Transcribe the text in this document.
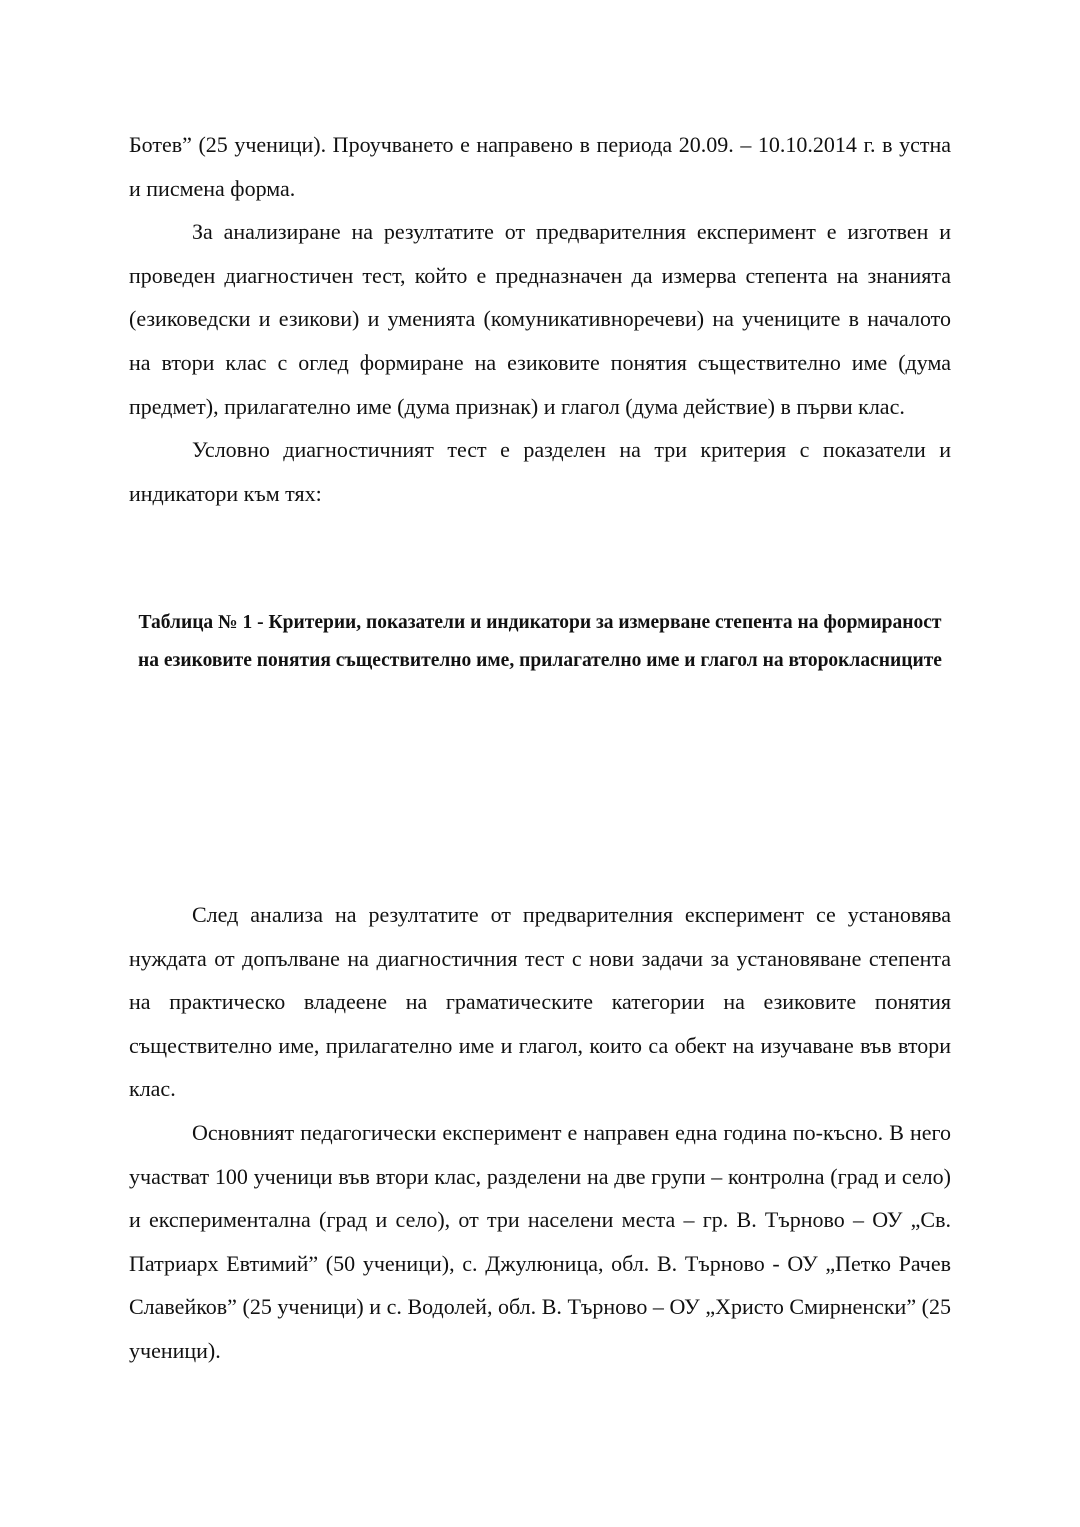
Ботев” (25 ученици). Проучването е направено в периода 20.09. – 10.10.2014 г. в устна и писмена форма.

За анализиране на резултатите от предварителния експеримент е изготвен и проведен диагностичен тест, който е предназначен да измерва степента на знанията (езиковедски и езикови) и уменията (комуникативноречеви) на учениците в началото на втори клас с оглед формиране на езиковите понятия съществително име (дума предмет), прилагателно име (дума признак) и глагол (дума действие) в първи клас.

Условно диагностичният тест е разделен на три критерия с показатели и индикатори към тях:

Таблица № 1 - Критерии, показатели и индикатори за измерване степента на формираност на езиковите понятия съществително име, прилагателно име и глагол на второкласниците

След анализа на резултатите от предварителния експеримент се установява нуждата от допълване на диагностичния тест с нови задачи за установяване степента на практическо владеене на граматическите категории на езиковите понятия съществително име, прилагателно име и глагол, които са обект на изучаване във втори клас.

Основният педагогически експеримент е направен една година по-късно. В него участват 100 ученици във втори клас, разделени на две групи – контролна (град и село) и експериментална (град и село), от три населени места – гр. В. Търново – ОУ „Св. Патриарх Евтимий” (50 ученици), с. Джулюница, обл. В. Търново - ОУ „Петко Рачев Славейков” (25 ученици) и с. Водолей, обл. В. Търново – ОУ „Христо Смирненски” (25 ученици).
